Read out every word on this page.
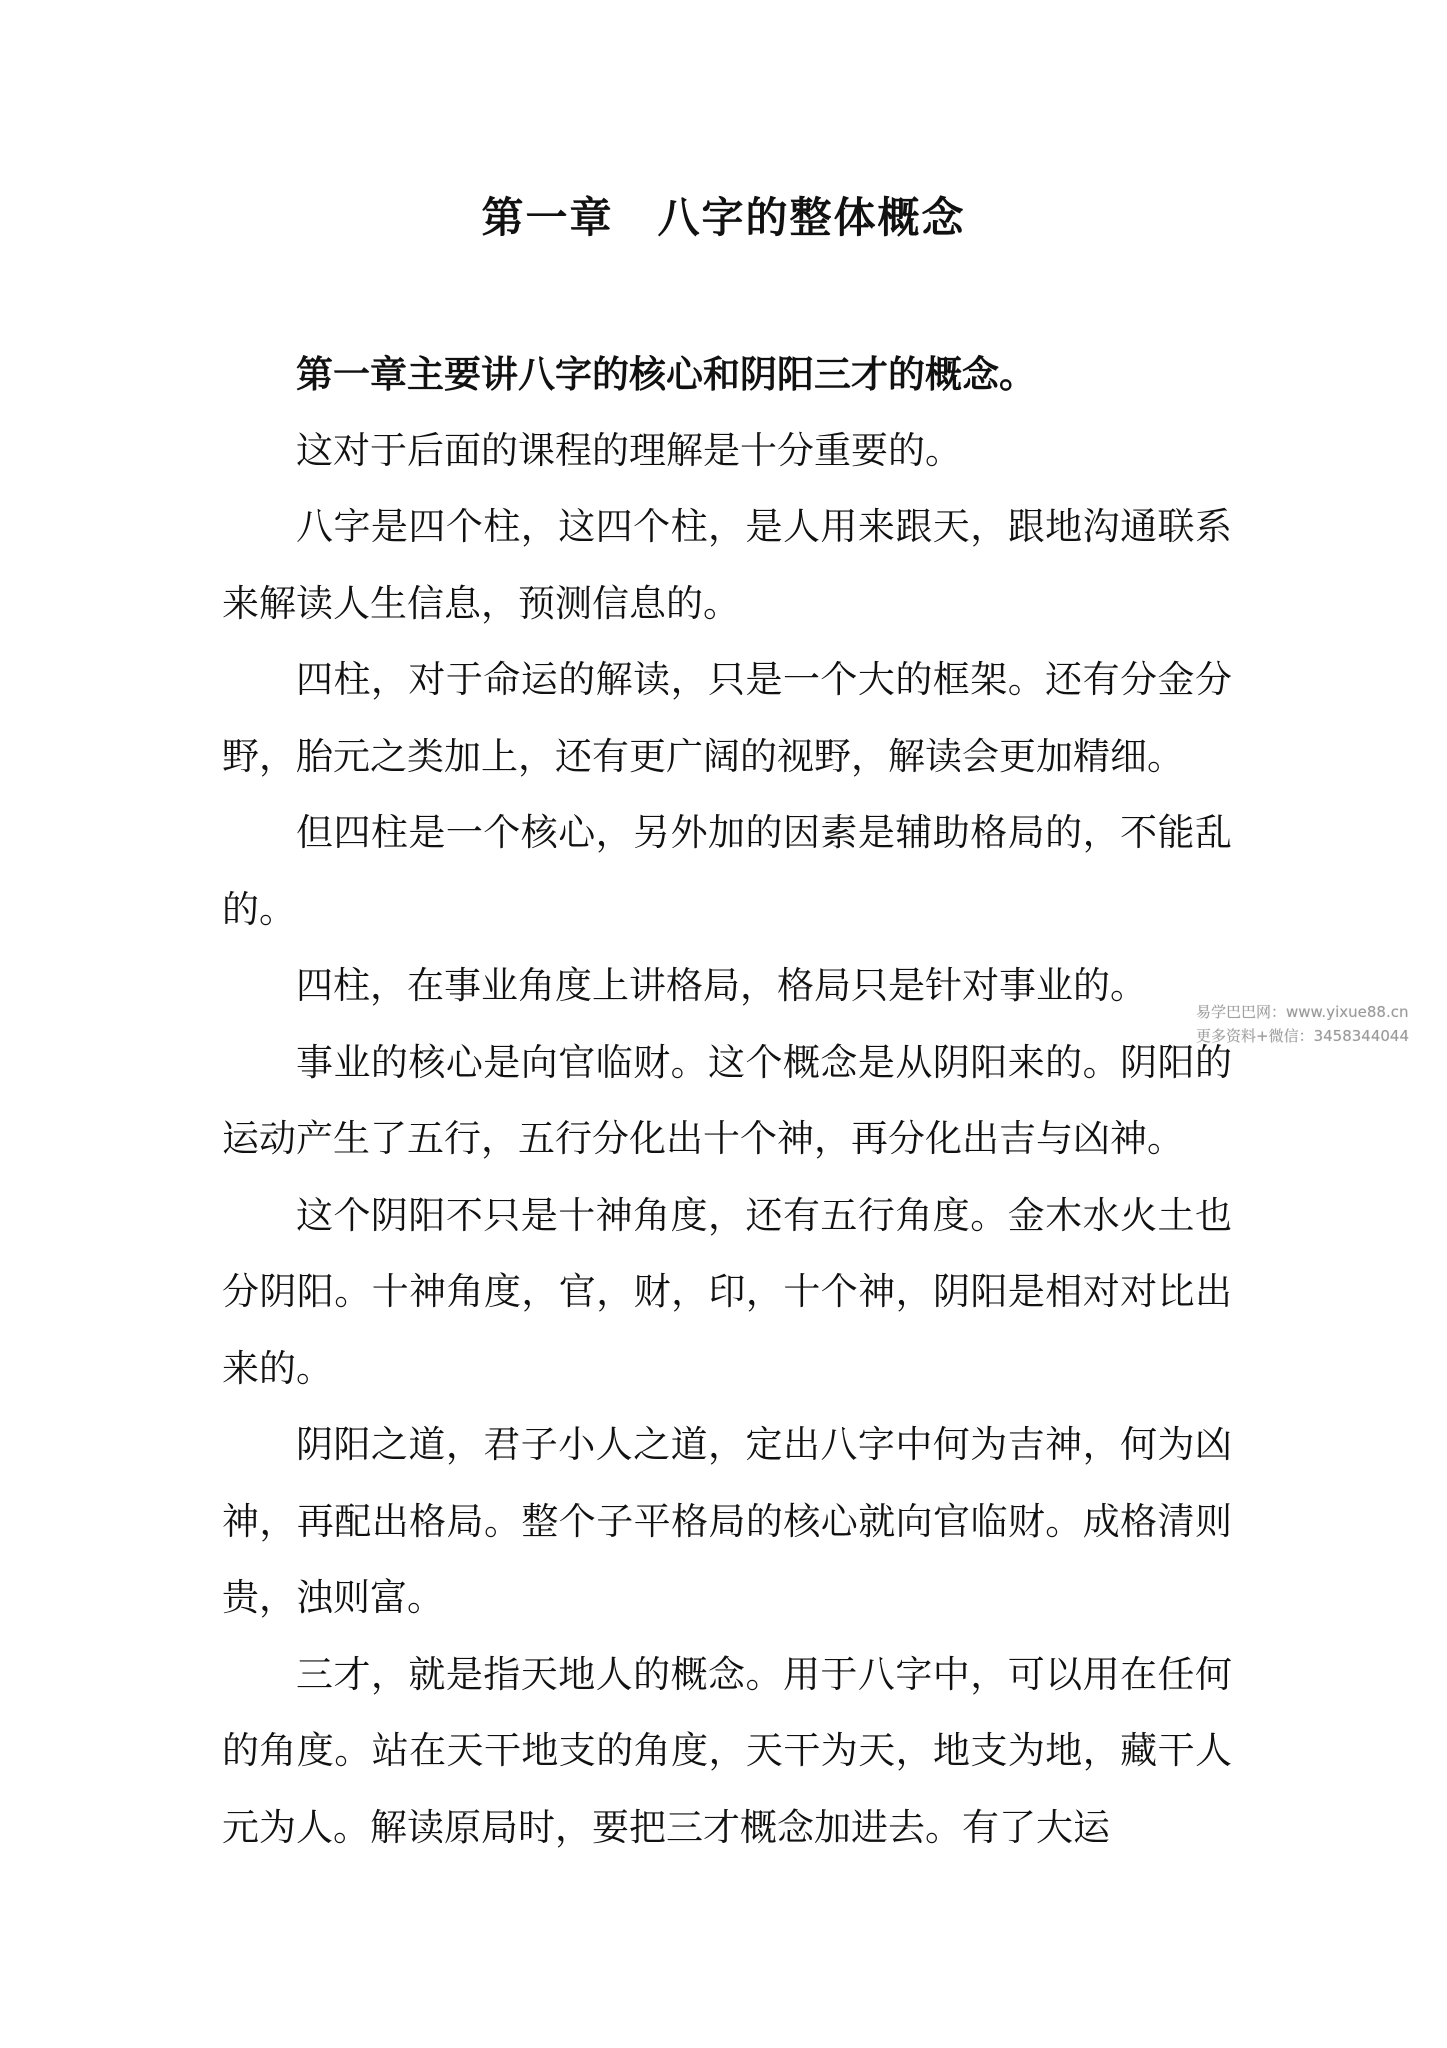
第一章　八字的整体概念

第一章主要讲八字的核心和阴阳三才的概念。

这对于后面的课程的理解是十分重要的。

八字是四个柱，这四个柱，是人用来跟天，跟地沟通联系来解读人生信息，预测信息的。

四柱，对于命运的解读，只是一个大的框架。还有分金分野，胎元之类加上，还有更广阔的视野，解读会更加精细。

但四柱是一个核心，另外加的因素是辅助格局的，不能乱的。

四柱，在事业角度上讲格局，格局只是针对事业的。

事业的核心是向官临财。这个概念是从阴阳来的。阴阳的运动产生了五行，五行分化出十个神，再分化出吉与凶神。

这个阴阳不只是十神角度，还有五行角度。金木水火土也分阴阳。十神角度，官，财，印，十个神，阴阳是相对对比出来的。

阴阳之道，君子小人之道，定出八字中何为吉神，何为凶神，再配出格局。整个子平格局的核心就向官临财。成格清则贵，浊则富。

三才，就是指天地人的概念。用于八字中，可以用在任何的角度。站在天干地支的角度，天干为天，地支为地，藏干人元为人。解读原局时，要把三才概念加进去。有了大运

易学巴巴网：www.yixue88.cn
更多资料+微信：3458344044
